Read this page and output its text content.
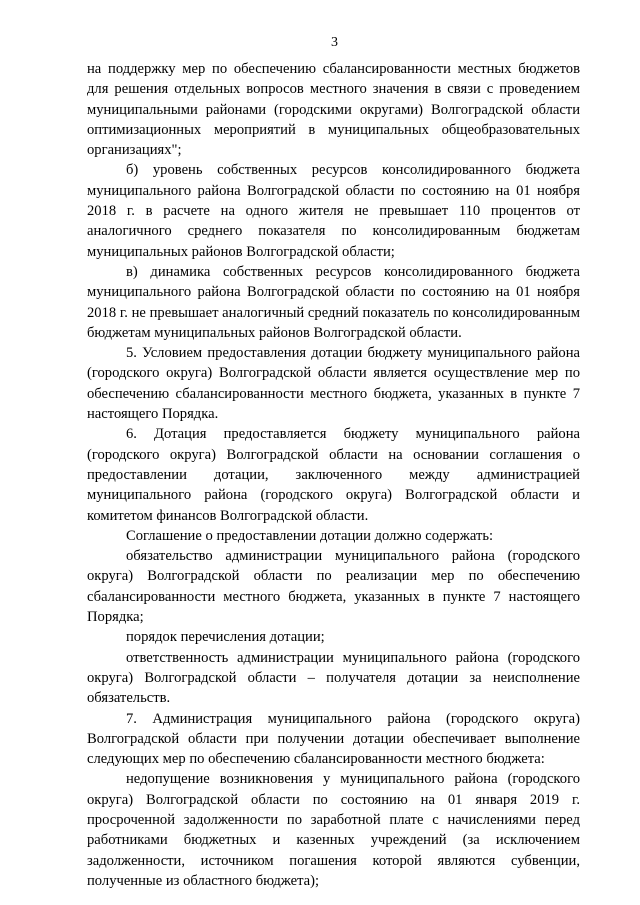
3

на поддержку мер по обеспечению сбалансированности местных бюджетов для решения отдельных вопросов местного значения в связи с проведением муниципальными районами (городскими округами) Волгоградской области оптимизационных мероприятий в муниципальных общеобразовательных организациях";

б) уровень собственных ресурсов консолидированного бюджета муниципального района Волгоградской области по состоянию на 01 ноября 2018 г. в расчете на одного жителя не превышает 110 процентов от аналогичного среднего показателя по консолидированным бюджетам муниципальных районов Волгоградской области;

в) динамика собственных ресурсов консолидированного бюджета муниципального района Волгоградской области по состоянию на 01 ноября 2018 г. не превышает аналогичный средний показатель по консолидированным бюджетам муниципальных районов Волгоградской области.

5. Условием предоставления дотации бюджету муниципального района (городского округа) Волгоградской области является осуществление мер по обеспечению сбалансированности местного бюджета, указанных в пункте 7 настоящего Порядка.

6. Дотация предоставляется бюджету муниципального района (городского округа) Волгоградской области на основании соглашения о предоставлении дотации, заключенного между администрацией муниципального района (городского округа) Волгоградской области и комитетом финансов Волгоградской области.

Соглашение о предоставлении дотации должно содержать:

обязательство администрации муниципального района (городского округа) Волгоградской области по реализации мер по обеспечению сбалансированности местного бюджета, указанных в пункте 7 настоящего Порядка;

порядок перечисления дотации;

ответственность администрации муниципального района (городского округа) Волгоградской области – получателя дотации за неисполнение обязательств.

7. Администрация муниципального района (городского округа) Волгоградской области при получении дотации обеспечивает выполнение следующих мер по обеспечению сбалансированности местного бюджета:

недопущение возникновения у муниципального района (городского округа) Волгоградской области по состоянию на 01 января 2019 г. просроченной задолженности по заработной плате с начислениями перед работниками бюджетных и казенных учреждений (за исключением задолженности, источником погашения которой являются субвенции, полученные из областного бюджета);
